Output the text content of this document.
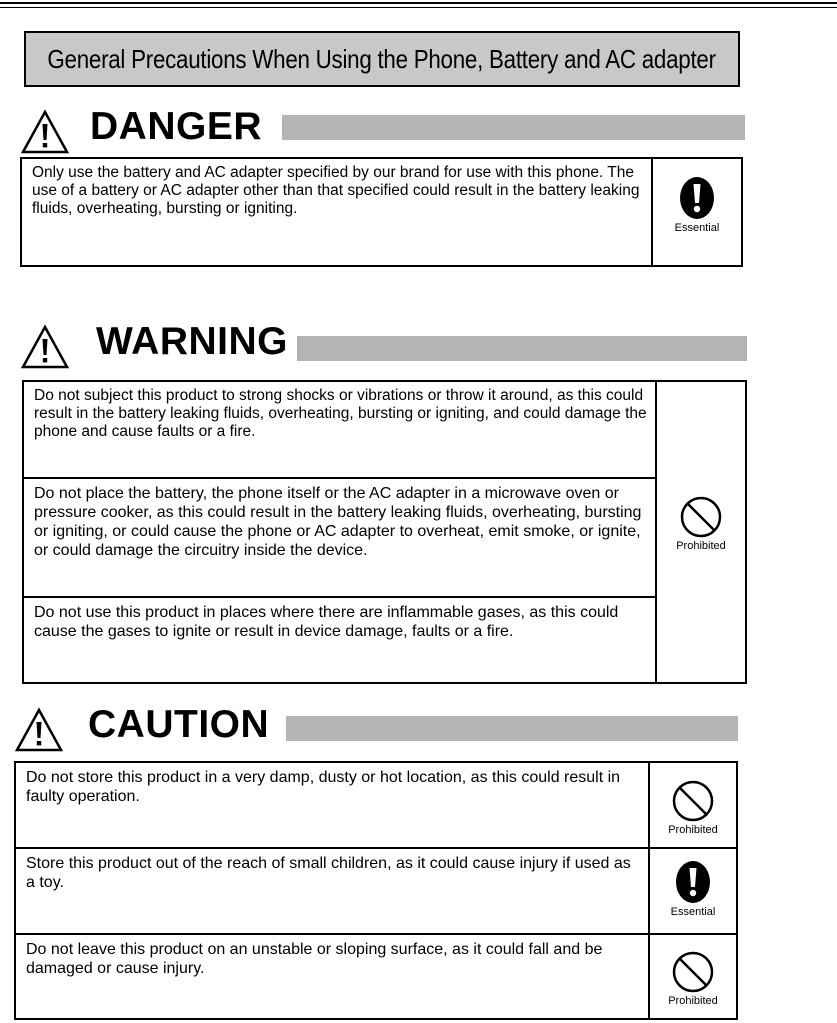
General Precautions When Using the Phone, Battery and AC adapter
DANGER
Only use the battery and AC adapter specified by our brand for use with this phone. The use of a battery or AC adapter other than that specified could result in the battery leaking fluids, overheating, bursting or igniting.
Essential
WARNING
Do not subject this product to strong shocks or vibrations or throw it around, as this could result in the battery leaking fluids, overheating, bursting or igniting, and could damage the phone and cause faults or a fire.
Do not place the battery, the phone itself or the AC adapter in a microwave oven or pressure cooker, as this could result in the battery leaking fluids, overheating, bursting or igniting, or could cause the phone or AC adapter to overheat, emit smoke, or ignite, or could damage the circuitry inside the device.
Do not use this product in places where there are inflammable gases, as this could cause the gases to ignite or result in device damage, faults or a fire.
Prohibited
CAUTION
Do not store this product in a very damp, dusty or hot location, as this could result in faulty operation.
Store this product out of the reach of small children, as it could cause injury if used as a toy.
Do not leave this product on an unstable or sloping surface, as it could fall and be damaged or cause injury.
Prohibited
Essential
Prohibited
